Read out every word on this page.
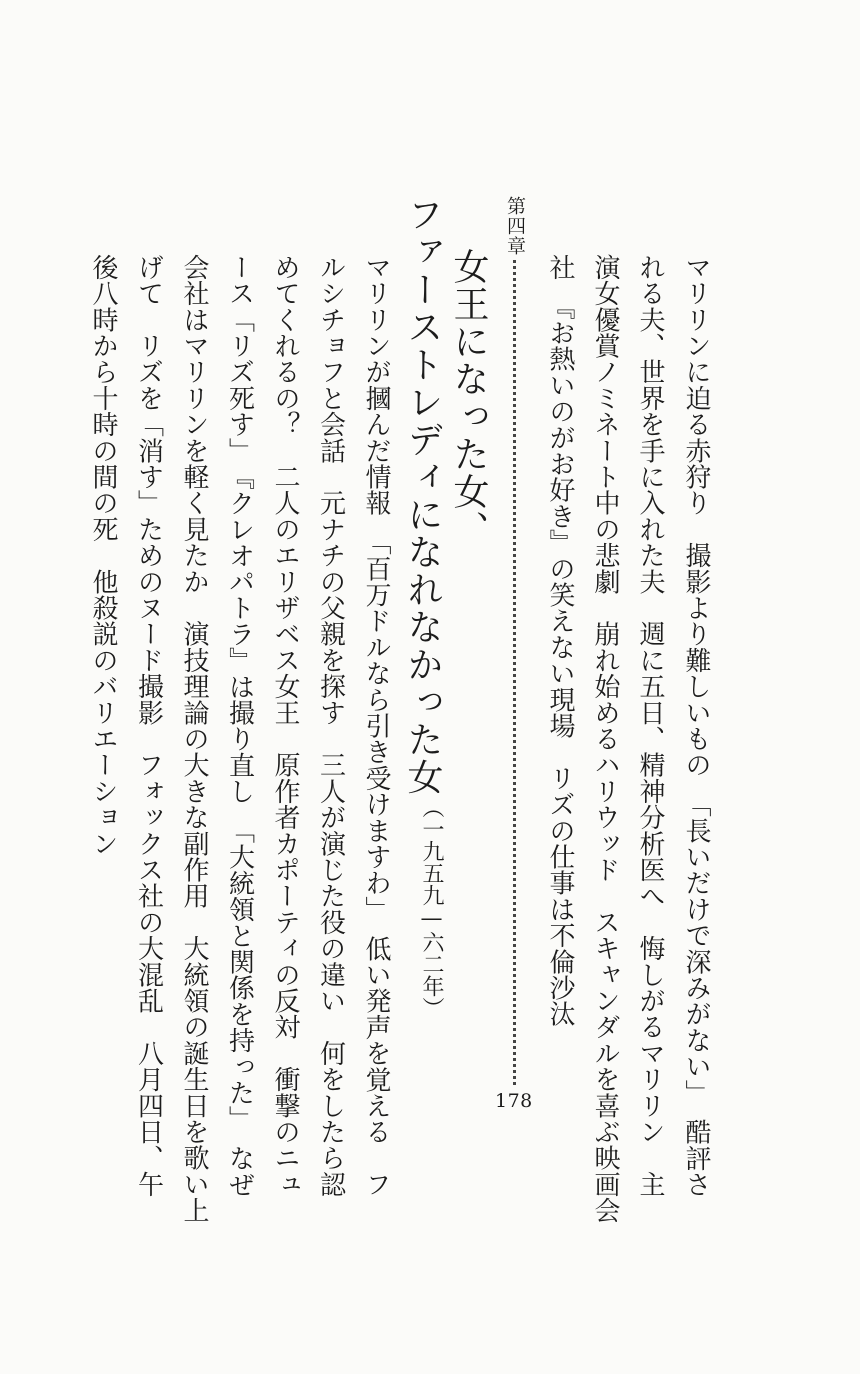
マリリンに迫る赤狩り　撮影より難しいもの　「長いだけで深みがない」　酷評さ
れる夫、世界を手に入れた夫　週に五日、精神分析医へ　悔しがるマリリン　主
演女優賞ノミネート中の悲劇　崩れ始めるハリウッド　スキャンダルを喜ぶ映画会
社　『お熱いのがお好き』の笑えない現場　リズの仕事は不倫沙汰
第四章
178
女王になった女、
ファーストレディになれなかった女（一九五九—六二年）
マリリンが摑んだ情報　「百万ドルなら引き受けますわ」　低い発声を覚える　フ
ルシチョフと会話　元ナチの父親を探す　三人が演じた役の違い　何をしたら認
めてくれるの？　二人のエリザベス女王　原作者カポーティの反対　衝撃のニュ
ース「リズ死す」　『クレオパトラ』は撮り直し　「大統領と関係を持った」　なぜ
会社はマリリンを軽く見たか　演技理論の大きな副作用　大統領の誕生日を歌い上
げて　リズを「消す」ためのヌード撮影　フォックス社の大混乱　八月四日、午
後八時から十時の間の死　他殺説のバリエーション
